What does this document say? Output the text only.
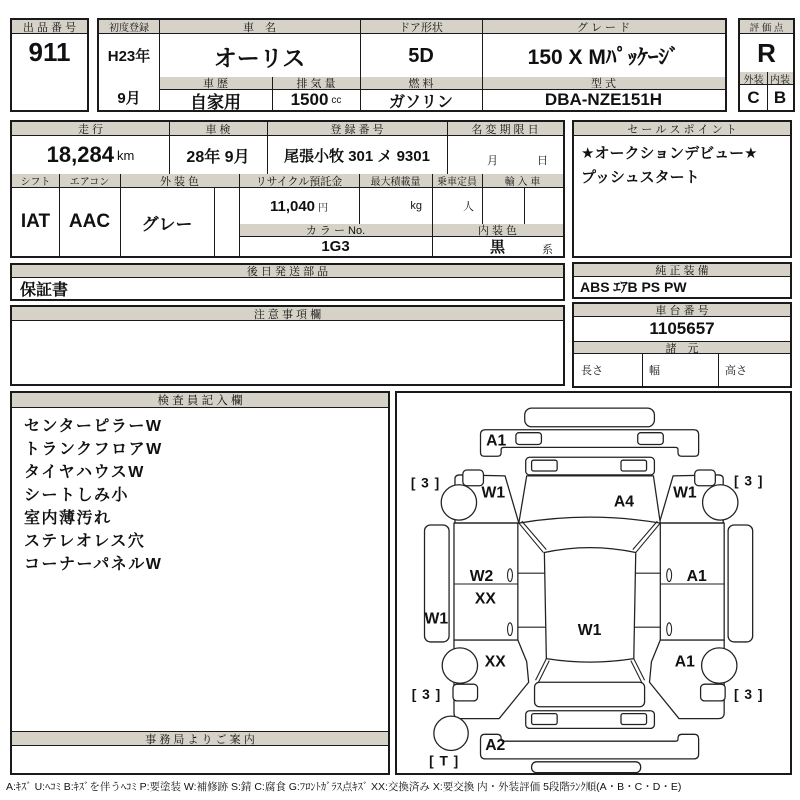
出 品 番 号
911
初度登録	車　名	ドア形状	グ レ ー ド
H23年
9月
オーリス	5D	150 X Mﾊﾟｯｹｰｼﾞ
車 歴	排 気 量	燃 料	型 式
自家用	1500 cc	ガソリン	DBA-NZE151H
評 価 点
R
外装 内装
C B
走 行	車 検	登 録 番 号	名 変 期 限 日
18,284 km	28年 9月	尾張小牧 301 メ 9301	月	日
シフト	エアコン	外 装 色	リサイクル預託金	最大積載量	乗車定員	輸 入 車
IAT AAC	グレー
11,040 円	kg	人
カ ラ ー No.	内 装 色
1G3	黒	系
セ ー ル ス ポ イ ン ト
★オークションデビュー★
プッシュスタート
後 日 発 送 部 品
保証書
純 正 装 備
ABS ｴｱB PS PW
注 意 事 項 欄	車 台 番 号
1105657
諸　元
長さ	幅	高さ
検 査 員 記 入 欄
センターピラーW
トランクフロアW
タイヤハウスW
シートしみ小
室内薄汚れ
ステレオレス穴
コーナーパネルW
事 務 局 よ り ご 案 内
A1
[ 3 ]
W1
A4
W1
[ 3 ]
W2
XX
W1
W1
A1
XX	A1
[ 3 ]	[ 3 ]
A2
[ T ]
A:ｷｽﾞ U:ﾍｺﾐ B:ｷｽﾞを伴うﾍｺﾐ P:要塗装 W:補修跡 S:錆 C:腐食 G:ﾌﾛﾝﾄｶﾞﾗｽ点ｷｽﾞ XX:交換済み X:要交換 内・外装評価 5段階ﾗﾝｸ順(A・B・C・D・E)
